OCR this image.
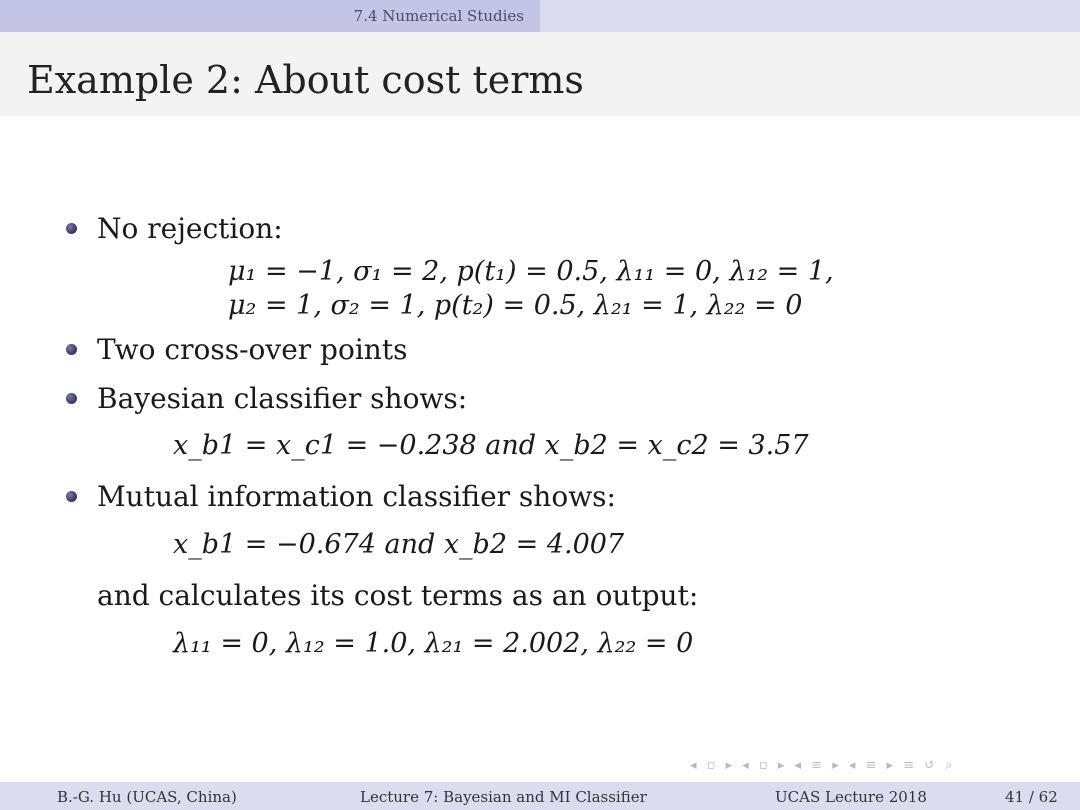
7.4 Numerical Studies
Example 2: About cost terms
No rejection:
μ₁ = −1, σ₁ = 2, p(t₁) = 0.5, λ₁₁ = 0, λ₁₂ = 1,
μ₂ = 1, σ₂ = 1, p(t₂) = 0.5, λ₂₁ = 1, λ₂₂ = 0
Two cross-over points
Bayesian classifier shows:
x_b1 = x_c1 = −0.238 and x_b2 = x_c2 = 3.57
Mutual information classifier shows:
x_b1 = −0.674 and x_b2 = 4.007
and calculates its cost terms as an output:
λ₁₁ = 0, λ₁₂ = 1.0, λ₂₁ = 2.002, λ₂₂ = 0
◂ ▫ ▸ ◂ ▫ ▸ ◂ ≡ ▸ ◂ ≡ ▸ ≡ ↺ ⌕
B.-G. Hu (UCAS, China)	Lecture 7: Bayesian and MI Classifier	UCAS Lecture 2018	41 / 62
